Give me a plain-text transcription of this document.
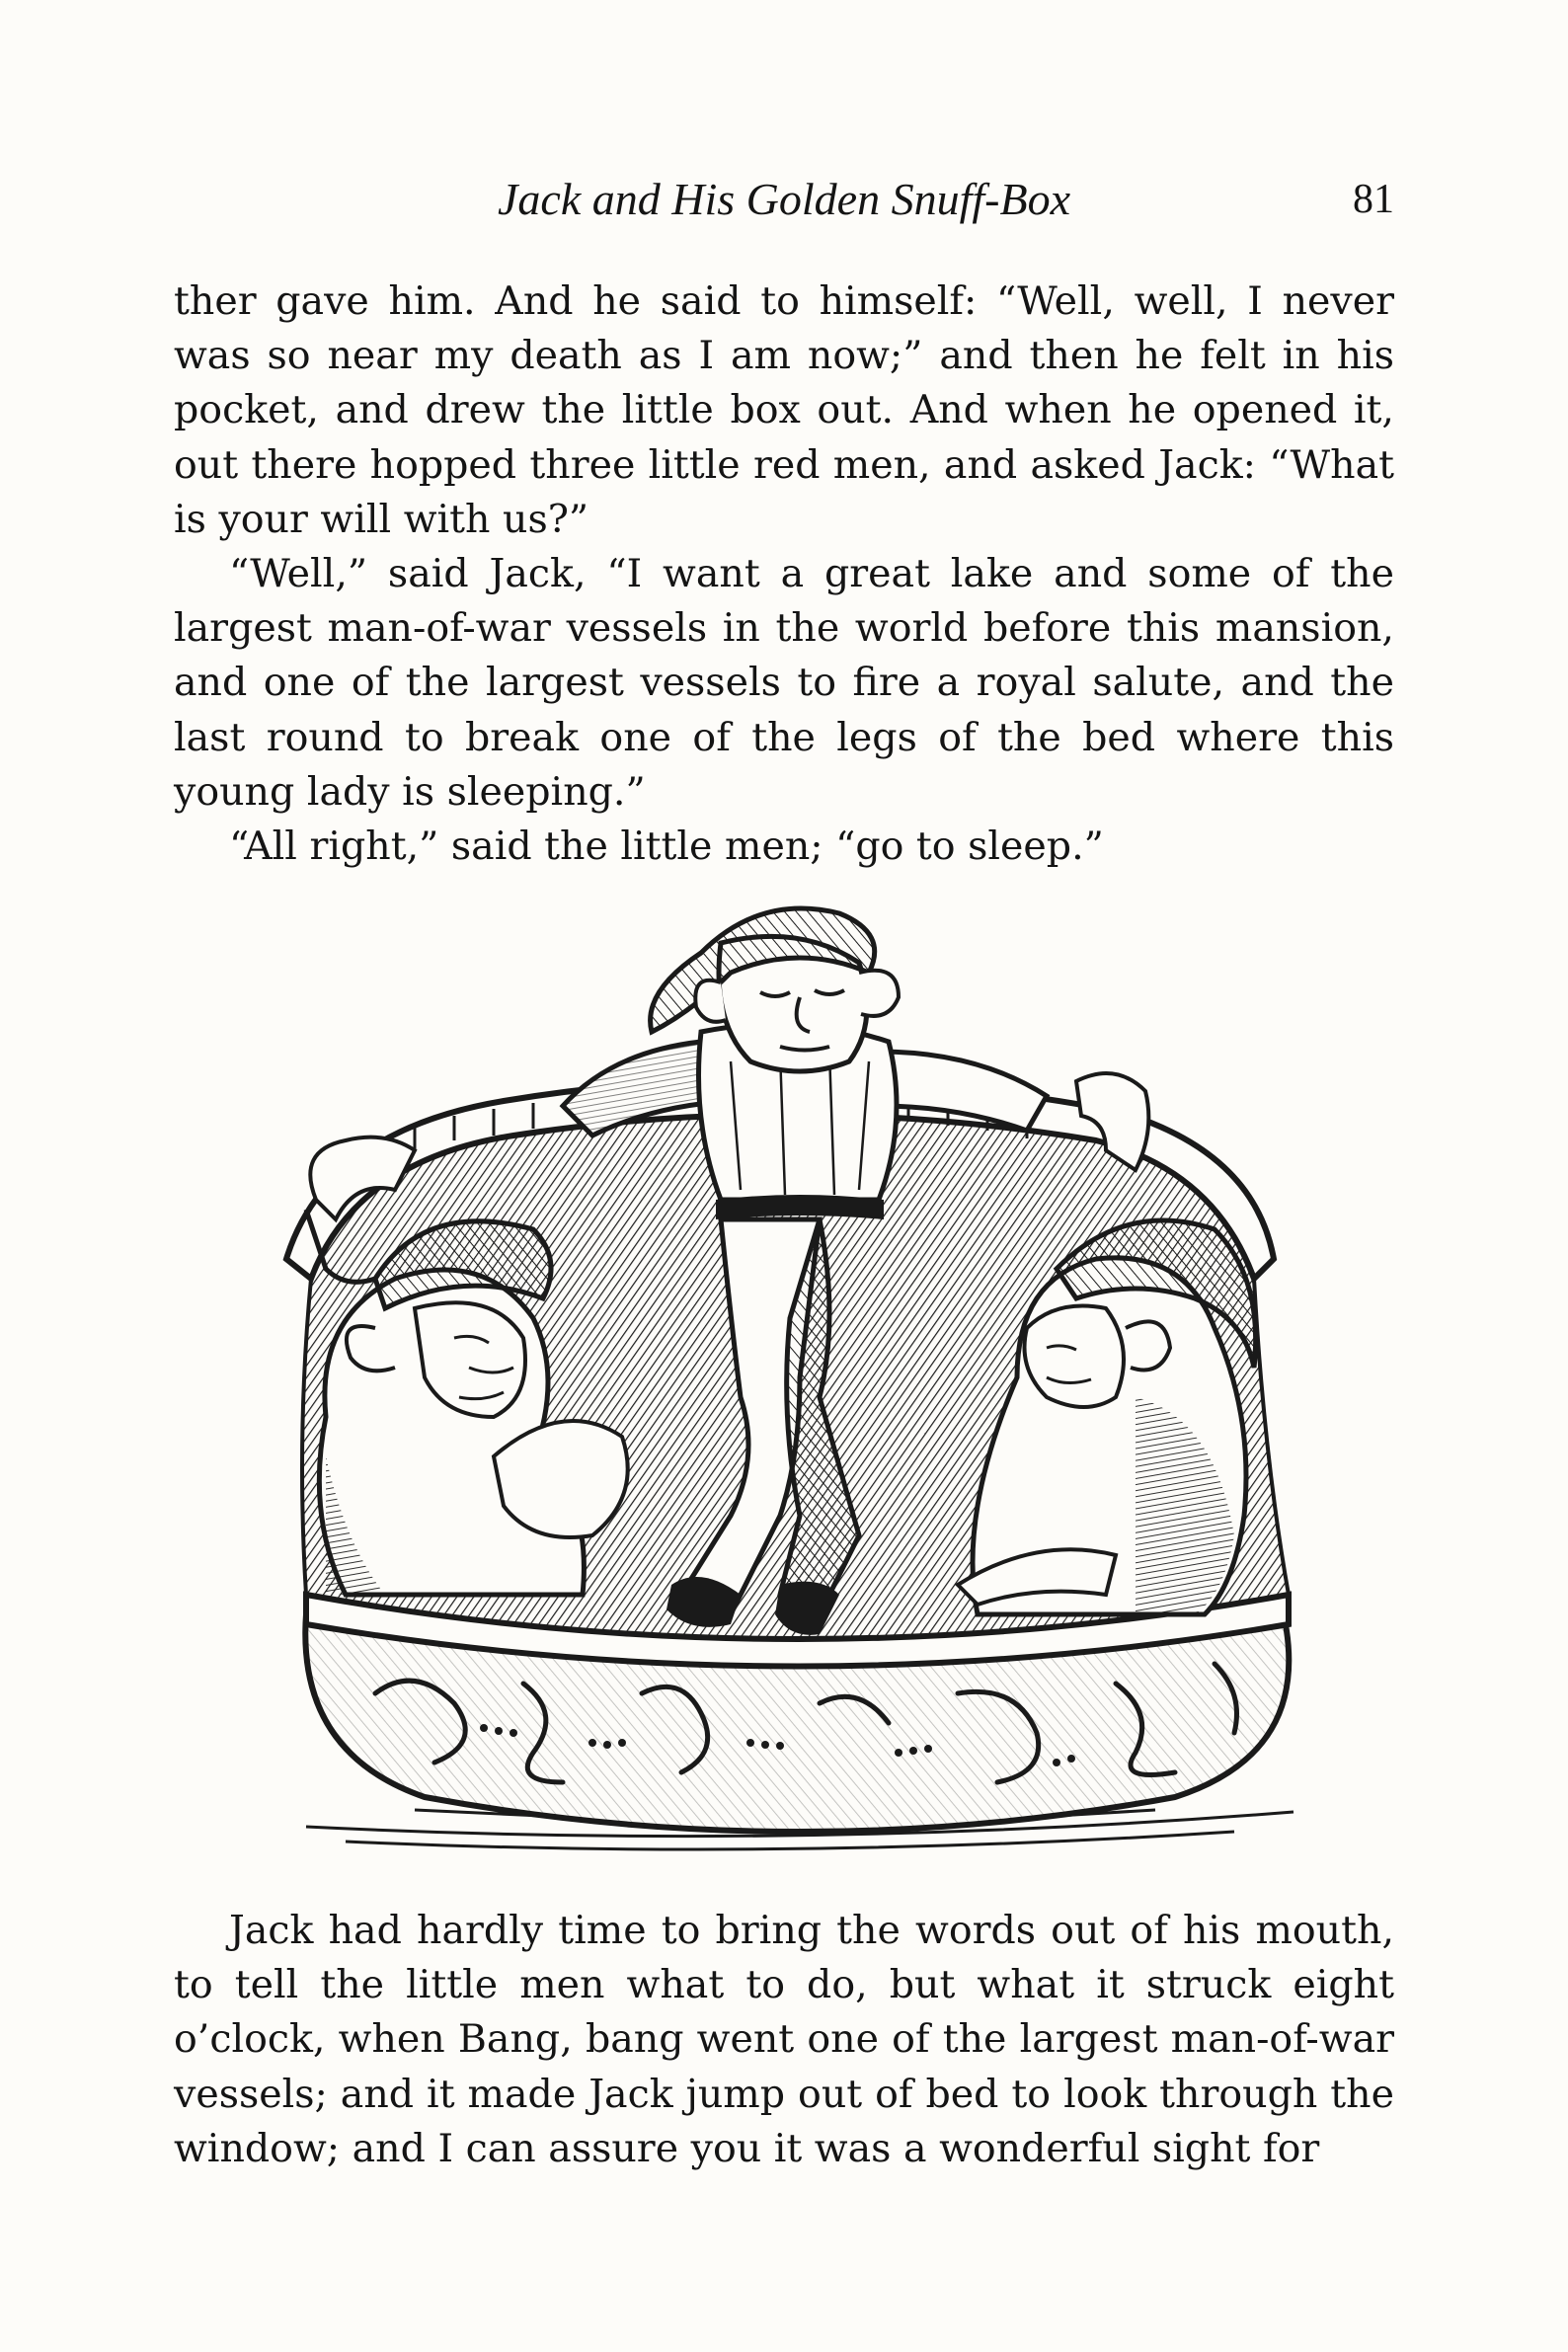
Jack and His Golden Snuff-Box	81

ther gave him. And he said to himself: “Well, well, I never was so near my death as I am now;” and then he felt in his pocket, and drew the little box out. And when he opened it, out there hopped three little red men, and asked Jack: “What is your will with us?”

“Well,” said Jack, “I want a great lake and some of the largest man-of-war vessels in the world before this mansion, and one of the largest vessels to fire a royal salute, and the last round to break one of the legs of the bed where this young lady is sleeping.”

“All right,” said the little men; “go to sleep.”

Jack had hardly time to bring the words out of his mouth, to tell the little men what to do, but what it struck eight o’clock, when Bang, bang went one of the largest man-of-war vessels; and it made Jack jump out of bed to look through the window; and I can assure you it was a wonderful sight for
